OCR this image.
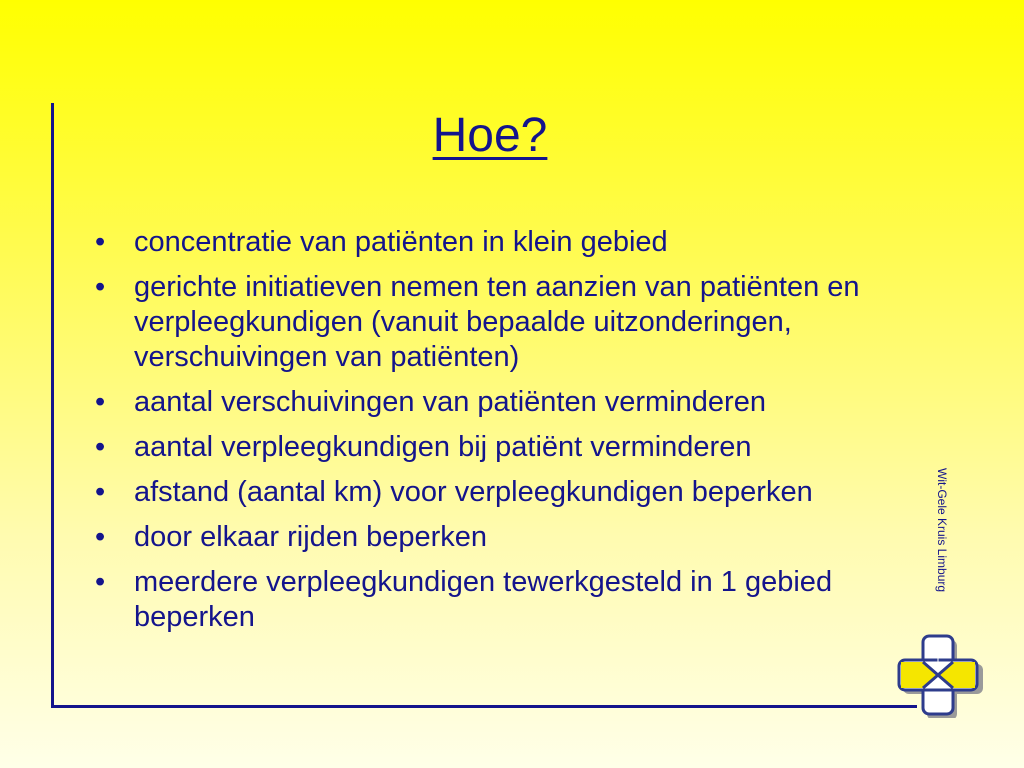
Hoe?
• concentratie van patiënten in klein gebied
• gerichte initiatieven nemen ten aanzien van patiënten en verpleegkundigen (vanuit bepaalde uitzonderingen, verschuivingen van patiënten)
• aantal verschuivingen van patiënten verminderen
• aantal verpleegkundigen bij patiënt verminderen
• afstand (aantal km) voor verpleegkundigen beperken
• door elkaar rijden beperken
• meerdere verpleegkundigen tewerkgesteld in 1 gebied beperken
Wit-Gele Kruis Limburg
